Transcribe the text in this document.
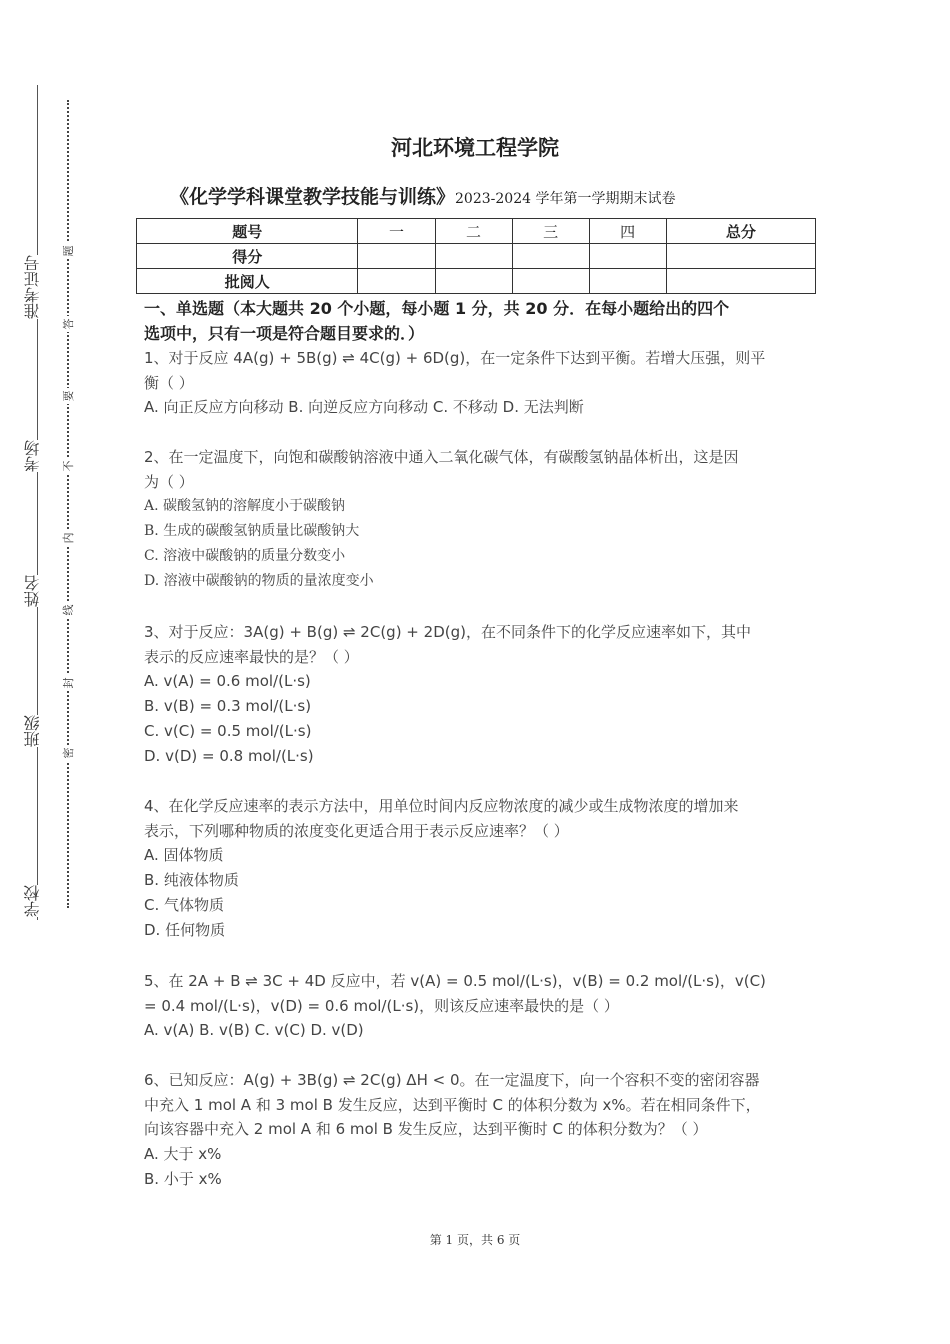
准考证号
考场
姓名
班级
学校
题
答
要
不
内
线
封
密
河北环境工程学院
《化学学科课堂教学技能与训练》2023-2024 学年第一学期期末试卷
题号	一	二	三	四	总分
得分					
批阅人					
一、单选题（本大题共 20 个小题，每小题 1 分，共 20 分．在每小题给出的四个
选项中，只有一项是符合题目要求的．）
1、对于反应 4A(g) + 5B(g) ⇌ 4C(g) + 6D(g)，在一定条件下达到平衡。若增大压强，则平
衡（ ）
A. 向正反应方向移动 B. 向逆反应方向移动 C. 不移动 D. 无法判断
2、在一定温度下，向饱和碳酸钠溶液中通入二氧化碳气体，有碳酸氢钠晶体析出，这是因
为（ ）
A. 碳酸氢钠的溶解度小于碳酸钠
B. 生成的碳酸氢钠质量比碳酸钠大
C. 溶液中碳酸钠的质量分数变小
D. 溶液中碳酸钠的物质的量浓度变小
3、对于反应：3A(g) + B(g) ⇌ 2C(g) + 2D(g)，在不同条件下的化学反应速率如下，其中
表示的反应速率最快的是？（ ）
A. v(A) = 0.6 mol/(L·s)
B. v(B) = 0.3 mol/(L·s)
C. v(C) = 0.5 mol/(L·s)
D. v(D) = 0.8 mol/(L·s)
4、在化学反应速率的表示方法中，用单位时间内反应物浓度的减少或生成物浓度的增加来
表示，下列哪种物质的浓度变化更适合用于表示反应速率？（ ）
A. 固体物质
B. 纯液体物质
C. 气体物质
D. 任何物质
5、在 2A + B ⇌ 3C + 4D 反应中，若 v(A) = 0.5 mol/(L·s)，v(B) = 0.2 mol/(L·s)，v(C)
= 0.4 mol/(L·s)，v(D) = 0.6 mol/(L·s)，则该反应速率最快的是（ ）
A. v(A) B. v(B) C. v(C) D. v(D)
6、已知反应：A(g) + 3B(g) ⇌ 2C(g) ΔH < 0。在一定温度下，向一个容积不变的密闭容器
中充入 1 mol A 和 3 mol B 发生反应，达到平衡时 C 的体积分数为 x%。若在相同条件下，
向该容器中充入 2 mol A 和 6 mol B 发生反应，达到平衡时 C 的体积分数为？（ ）
A. 大于 x%
B. 小于 x%
第 1 页，共 6 页
